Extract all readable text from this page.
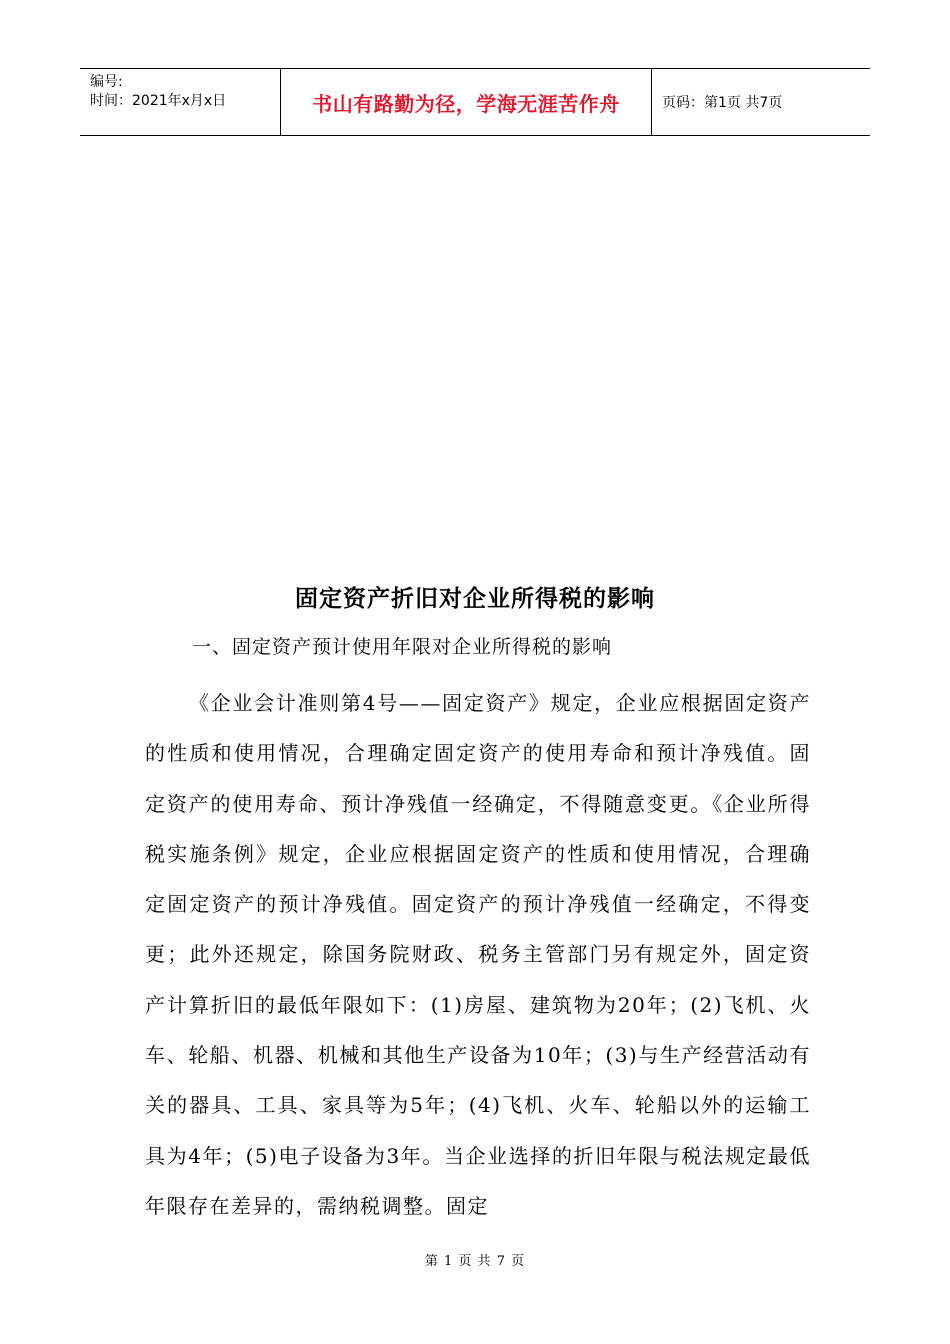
编号:
时间：2021年x月x日	书山有路勤为径，学海无涯苦作舟	页码：第1页 共7页
固定资产折旧对企业所得税的影响
一、固定资产预计使用年限对企业所得税的影响
《企业会计准则第4号——固定资产》规定，企业应根据固定资产的性质和使用情况，合理确定固定资产的使用寿命和预计净残值。固定资产的使用寿命、预计净残值一经确定，不得随意变更。《企业所得税实施条例》规定，企业应根据固定资产的性质和使用情况，合理确定固定资产的预计净残值。固定资产的预计净残值一经确定，不得变更；此外还规定，除国务院财政、税务主管部门另有规定外，固定资产计算折旧的最低年限如下：(1)房屋、建筑物为20年；(2)飞机、火车、轮船、机器、机械和其他生产设备为10年；(3)与生产经营活动有关的器具、工具、家具等为5年；(4)飞机、火车、轮船以外的运输工具为4年；(5)电子设备为3年。当企业选择的折旧年限与税法规定最低年限存在差异的，需纳税调整。固定
第 1 页 共 7 页
